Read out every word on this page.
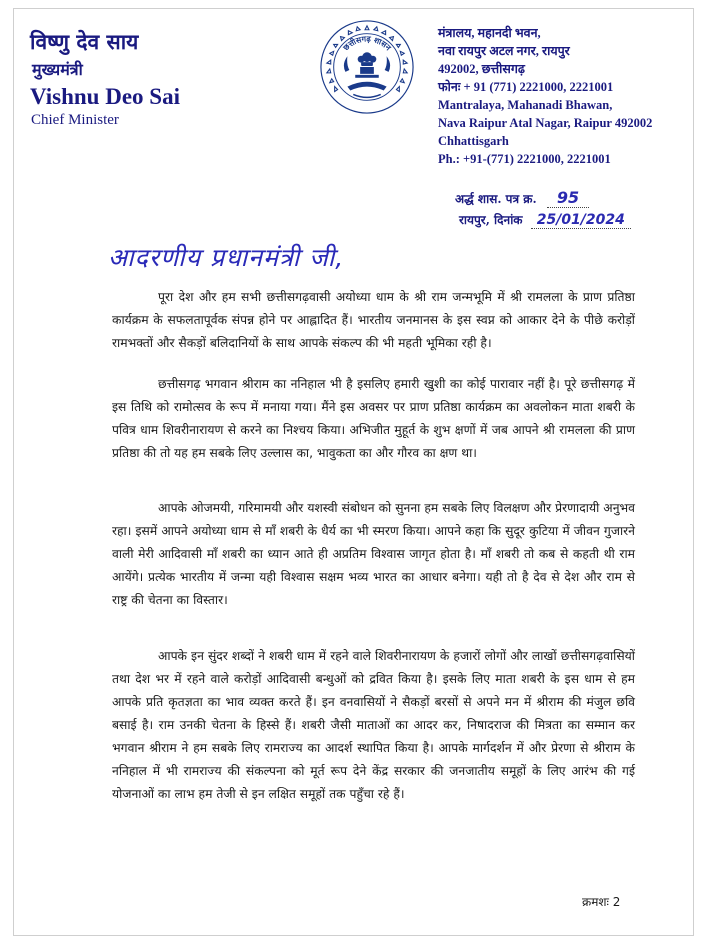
विष्णु देव साय
मुख्यमंत्री
Vishnu Deo Sai
Chief Minister
छत्तीसगढ़ शासन
मंत्रालय, महानदी भवन,
नवा रायपुर अटल नगर, रायपुर
492002, छत्तीसगढ़
फोनः + 91 (771) 2221000, 2221001
Mantralaya, Mahanadi Bhawan,
Nava Raipur Atal Nagar, Raipur 492002
Chhattisgarh
Ph.: +91-(771) 2221000, 2221001
अर्द्ध शास. पत्र क्र. 95
रायपुर, दिनांक 25/01/2024
आदरणीय प्रधानमंत्री जी,

पूरा देश और हम सभी छत्तीसगढ़वासी अयोध्या धाम के श्री राम जन्मभूमि में श्री रामलला के प्राण प्रतिष्ठा कार्यक्रम के सफलतापूर्वक संपन्न होने पर आह्लादित हैं। भारतीय जनमानस के इस स्वप्न को आकार देने के पीछे करोड़ों रामभक्तों और सैकड़ों बलिदानियों के साथ आपके संकल्प की भी महती भूमिका रही है।

छत्तीसगढ़ भगवान श्रीराम का ननिहाल भी है इसलिए हमारी खुशी का कोई पारावार नहीं है। पूरे छत्तीसगढ़ में इस तिथि को रामोत्सव के रूप में मनाया गया। मैंने इस अवसर पर प्राण प्रतिष्ठा कार्यक्रम का अवलोकन माता शबरी के पवित्र धाम शिवरीनारायण से करने का निश्चय किया। अभिजीत मुहूर्त के शुभ क्षणों में जब आपने श्री रामलला की प्राण प्रतिष्ठा की तो यह हम सबके लिए उल्लास का, भावुकता का और गौरव का क्षण था।

आपके ओजमयी, गरिमामयी और यशस्वी संबोधन को सुनना हम सबके लिए विलक्षण और प्रेरणादायी अनुभव रहा। इसमें आपने अयोध्या धाम से माँ शबरी के धैर्य का भी स्मरण किया। आपने कहा कि सुदूर कुटिया में जीवन गुजारने वाली मेरी आदिवासी माँ शबरी का ध्यान आते ही अप्रतिम विश्वास जागृत होता है। माँ शबरी तो कब से कहती थी राम आयेंगे। प्रत्येक भारतीय में जन्मा यही विश्वास सक्षम भव्य भारत का आधार बनेगा। यही तो है देव से देश और राम से राष्ट्र की चेतना का विस्तार।

आपके इन सुंदर शब्दों ने शबरी धाम में रहने वाले शिवरीनारायण के हजारों लोगों और लाखों छत्तीसगढ़वासियों तथा देश भर में रहने वाले करोड़ों आदिवासी बन्धुओं को द्रवित किया है। इसके लिए माता शबरी के इस धाम से हम आपके प्रति कृतज्ञता का भाव व्यक्त करते हैं। इन वनवासियों ने सैकड़ों बरसों से अपने मन में श्रीराम की मंजुल छवि बसाई है। राम उनकी चेतना के हिस्से हैं। शबरी जैसी माताओं का आदर कर, निषादराज की मित्रता का सम्मान कर भगवान श्रीराम ने हम सबके लिए रामराज्य का आदर्श स्थापित किया है। आपके मार्गदर्शन में और प्रेरणा से श्रीराम के ननिहाल में भी रामराज्य की संकल्पना को मूर्त रूप देने केंद्र सरकार की जनजातीय समूहों के लिए आरंभ की गई योजनाओं का लाभ हम तेजी से इन लक्षित समूहों तक पहुँचा रहे हैं।

क्रमशः 2
